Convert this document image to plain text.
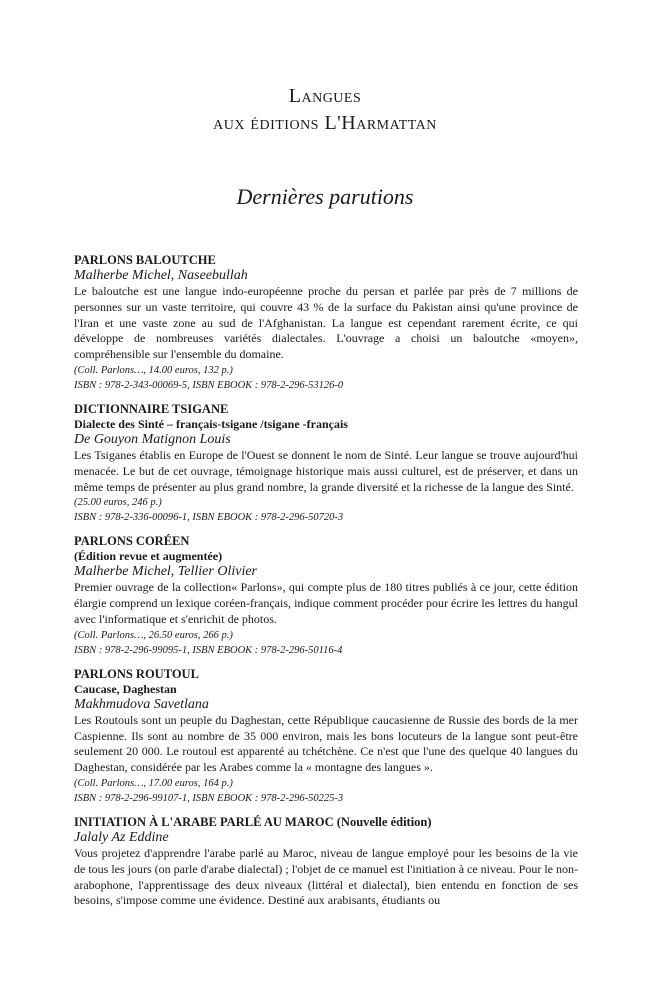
Langues
aux éditions L'Harmattan
Dernières parutions
PARLONS BALOUTCHE
Malherbe Michel, Naseebullah
Le baloutche est une langue indo-européenne proche du persan et parlée par près de 7 millions de personnes sur un vaste territoire, qui couvre 43 % de la surface du Pakistan ainsi qu'une province de l'Iran et une vaste zone au sud de l'Afghanistan. La langue est cependant rarement écrite, ce qui développe de nombreuses variétés dialectales. L'ouvrage a choisi un baloutche «moyen», compréhensible sur l'ensemble du domaine.
(Coll. Parlons…, 14.00 euros, 132 p.)
ISBN : 978-2-343-00069-5, ISBN EBOOK : 978-2-296-53126-0
DICTIONNAIRE TSIGANE
Dialecte des Sinté – français-tsigane /tsigane -français
De Gouyon Matignon Louis
Les Tsiganes établis en Europe de l'Ouest se donnent le nom de Sinté. Leur langue se trouve aujourd'hui menacée. Le but de cet ouvrage, témoignage historique mais aussi culturel, est de préserver, et dans un même temps de présenter au plus grand nombre, la grande diversité et la richesse de la langue des Sinté.
(25.00 euros, 246 p.)
ISBN : 978-2-336-00096-1, ISBN EBOOK : 978-2-296-50720-3
PARLONS CORÉEN
(Édition revue et augmentée)
Malherbe Michel, Tellier Olivier
Premier ouvrage de la collection« Parlons», qui compte plus de 180 titres publiés à ce jour, cette édition élargie comprend un lexique coréen-français, indique comment procéder pour écrire les lettres du hangul avec l'informatique et s'enrichit de photos.
(Coll. Parlons…, 26.50 euros, 266 p.)
ISBN : 978-2-296-99095-1, ISBN EBOOK : 978-2-296-50116-4
PARLONS ROUTOUL
Caucase, Daghestan
Makhmudova Savetlana
Les Routouls sont un peuple du Daghestan, cette République caucasienne de Russie des bords de la mer Caspienne. Ils sont au nombre de 35 000 environ, mais les bons locuteurs de la langue sont peut-être seulement 20 000. Le routoul est apparenté au tchétchène. Ce n'est que l'une des quelque 40 langues du Daghestan, considérée par les Arabes comme la « montagne des langues ».
(Coll. Parlons…, 17.00 euros, 164 p.)
ISBN : 978-2-296-99107-1, ISBN EBOOK : 978-2-296-50225-3
INITIATION À L'ARABE PARLÉ AU MAROC (Nouvelle édition)
Jalaly Az Eddine
Vous projetez d'apprendre l'arabe parlé au Maroc, niveau de langue employé pour les besoins de la vie de tous les jours (on parle d'arabe dialectal) ; l'objet de ce manuel est l'initiation à ce niveau. Pour le non-arabophone, l'apprentissage des deux niveaux (littéral et dialectal), bien entendu en fonction de ses besoins, s'impose comme une évidence. Destiné aux arabisants, étudiants ou
